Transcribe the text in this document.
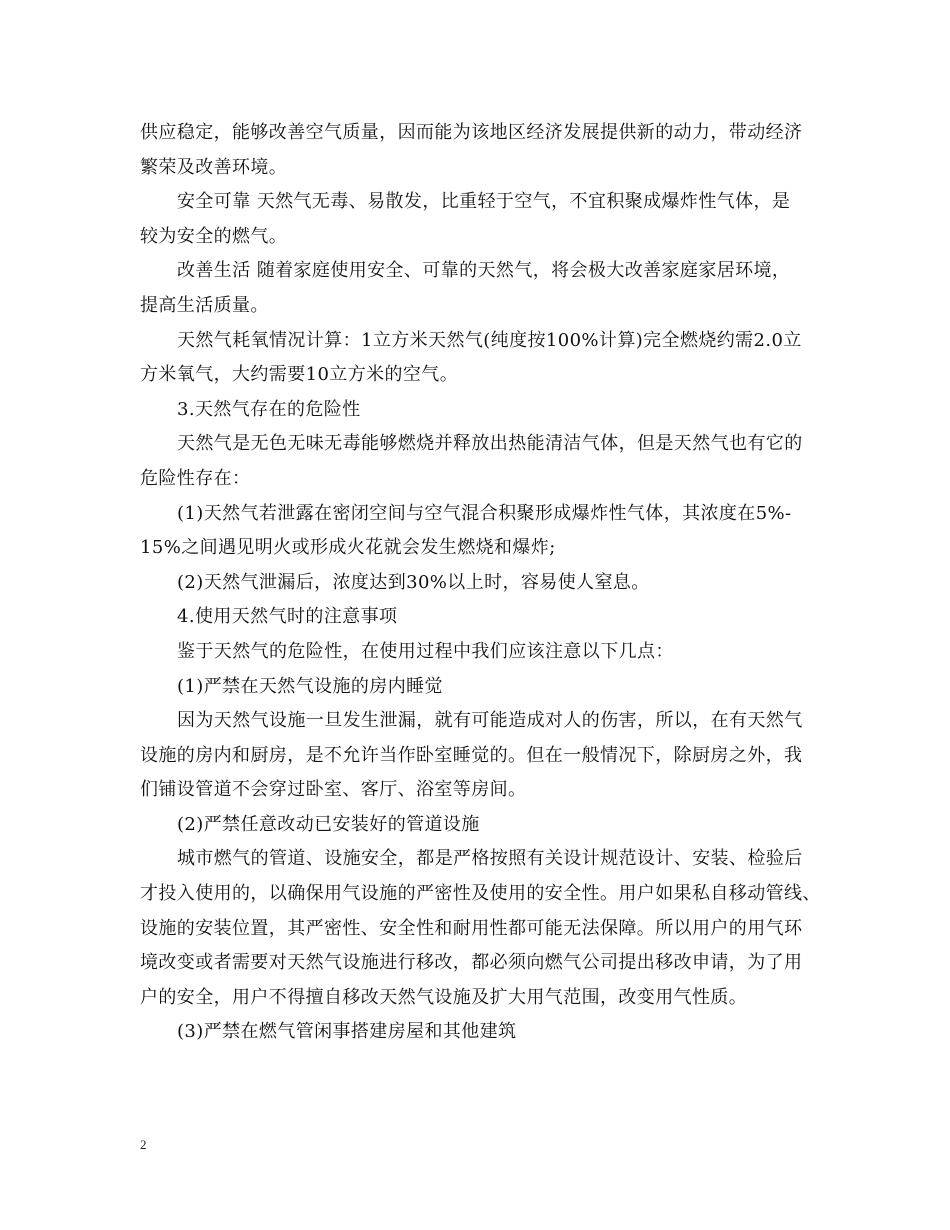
供应稳定，能够改善空气质量，因而能为该地区经济发展提供新的动力，带动经济
繁荣及改善环境。
安全可靠 天然气无毒、易散发，比重轻于空气，不宜积聚成爆炸性气体，是
较为安全的燃气。
改善生活 随着家庭使用安全、可靠的天然气，将会极大改善家庭家居环境，
提高生活质量。
天然气耗氧情况计算：1立方米天然气(纯度按100%计算)完全燃烧约需2.0立
方米氧气，大约需要10立方米的空气。
3.天然气存在的危险性
天然气是无色无味无毒能够燃烧并释放出热能清洁气体，但是天然气也有它的
危险性存在：
(1)天然气若泄露在密闭空间与空气混合积聚形成爆炸性气体，其浓度在5%-
15%之间遇见明火或形成火花就会发生燃烧和爆炸;
(2)天然气泄漏后，浓度达到30%以上时，容易使人窒息。
4.使用天然气时的注意事项
鉴于天然气的危险性，在使用过程中我们应该注意以下几点：
(1)严禁在天然气设施的房内睡觉
因为天然气设施一旦发生泄漏，就有可能造成对人的伤害，所以，在有天然气
设施的房内和厨房，是不允许当作卧室睡觉的。但在一般情况下，除厨房之外，我
们铺设管道不会穿过卧室、客厅、浴室等房间。
(2)严禁任意改动已安装好的管道设施
城市燃气的管道、设施安全，都是严格按照有关设计规范设计、安装、检验后
才投入使用的，以确保用气设施的严密性及使用的安全性。用户如果私自移动管线、
设施的安装位置，其严密性、安全性和耐用性都可能无法保障。所以用户的用气环
境改变或者需要对天然气设施进行移改，都必须向燃气公司提出移改申请，为了用
户的安全，用户不得擅自移改天然气设施及扩大用气范围，改变用气性质。
(3)严禁在燃气管闲事搭建房屋和其他建筑
2
